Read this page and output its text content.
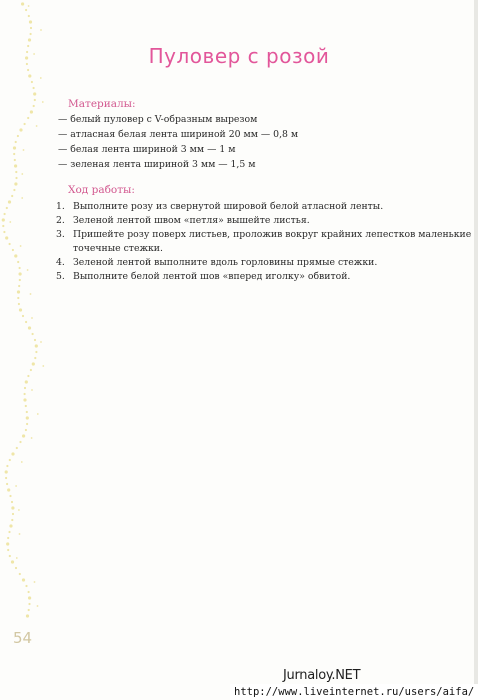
Пуловер с розой
Материалы:
— белый пуловер с V-образным вырезом
— атласная белая лента шириной 20 мм — 0,8 м
— белая лента шириной 3 мм — 1 м
— зеленая лента шириной 3 мм — 1,5 м
Ход работы:
1. Выполните розу из свернутой шировой белой атласной ленты.
2. Зеленой лентой швом «петля» вышейте листья.
3. Пришейте розу поверх листьев, проложив вокруг крайних лепестков маленькие
точечные стежки.
4. Зеленой лентой выполните вдоль горловины прямые стежки.
5. Выполните белой лентой шов «вперед иголку» обвитой.
54
Jurnaloy.NET
http://www.liveinternet.ru/users/aifa/
